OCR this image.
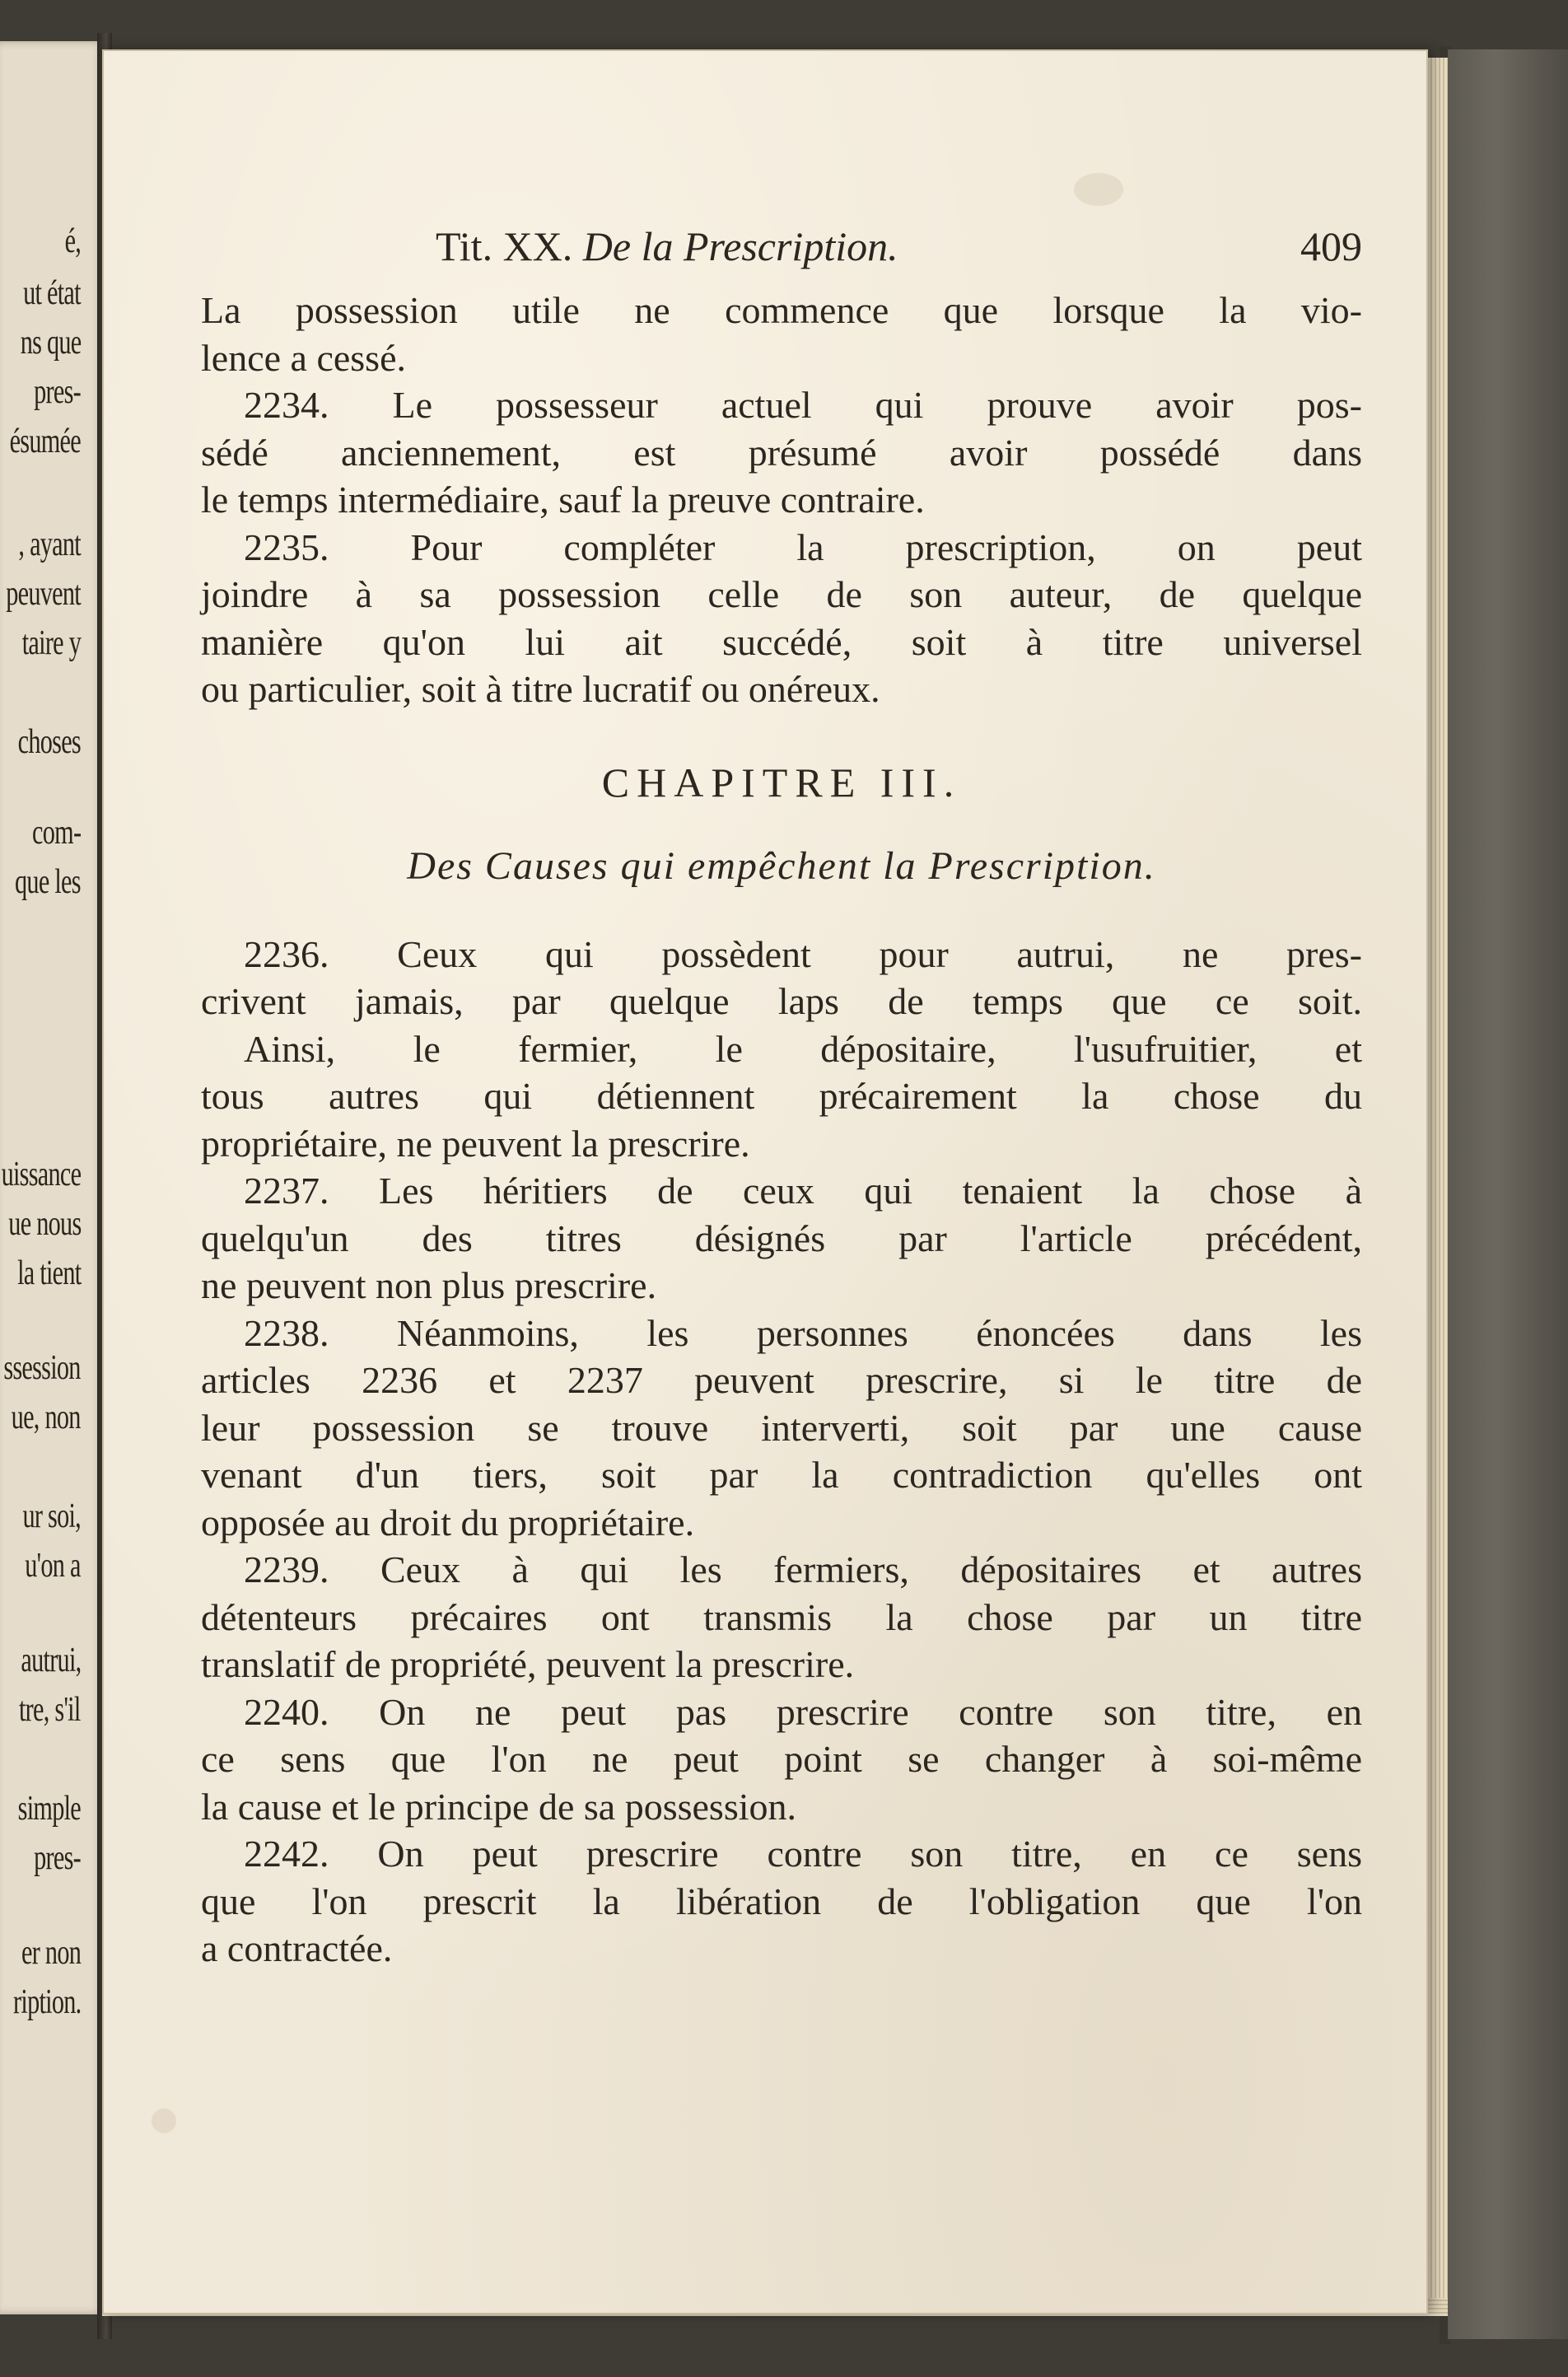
é,
ut état
ns que
pres-
ésumée
, ayant
peuvent
taire y
choses
com-
que les
uissance
ue nous
la tient
ssession
ue, non
ur soi,
u'on a
autrui,
tre, s'il
simple
pres-
er non
ription.
Tit. XX. De la Prescription.	409
La possession utile ne commence que lorsque la vio-
lence a cessé.
2234. Le possesseur actuel qui prouve avoir pos-
sédé anciennement, est présumé avoir possédé dans
le temps intermédiaire, sauf la preuve contraire.
2235. Pour compléter la prescription, on peut
joindre à sa possession celle de son auteur, de quelque
manière qu'on lui ait succédé, soit à titre universel
ou particulier, soit à titre lucratif ou onéreux.
CHAPITRE III.
Des Causes qui empêchent la Prescription.
2236. Ceux qui possèdent pour autrui, ne pres-
crivent jamais, par quelque laps de temps que ce soit.
Ainsi, le fermier, le dépositaire, l'usufruitier, et
tous autres qui détiennent précairement la chose du
propriétaire, ne peuvent la prescrire.
2237. Les héritiers de ceux qui tenaient la chose à
quelqu'un des titres désignés par l'article précédent,
ne peuvent non plus prescrire.
2238. Néanmoins, les personnes énoncées dans les
articles 2236 et 2237 peuvent prescrire, si le titre de
leur possession se trouve interverti, soit par une cause
venant d'un tiers, soit par la contradiction qu'elles ont
opposée au droit du propriétaire.
2239. Ceux à qui les fermiers, dépositaires et autres
détenteurs précaires ont transmis la chose par un titre
translatif de propriété, peuvent la prescrire.
2240. On ne peut pas prescrire contre son titre, en
ce sens que l'on ne peut point se changer à soi-même
la cause et le principe de sa possession.
2242. On peut prescrire contre son titre, en ce sens
que l'on prescrit la libération de l'obligation que l'on
a contractée.
